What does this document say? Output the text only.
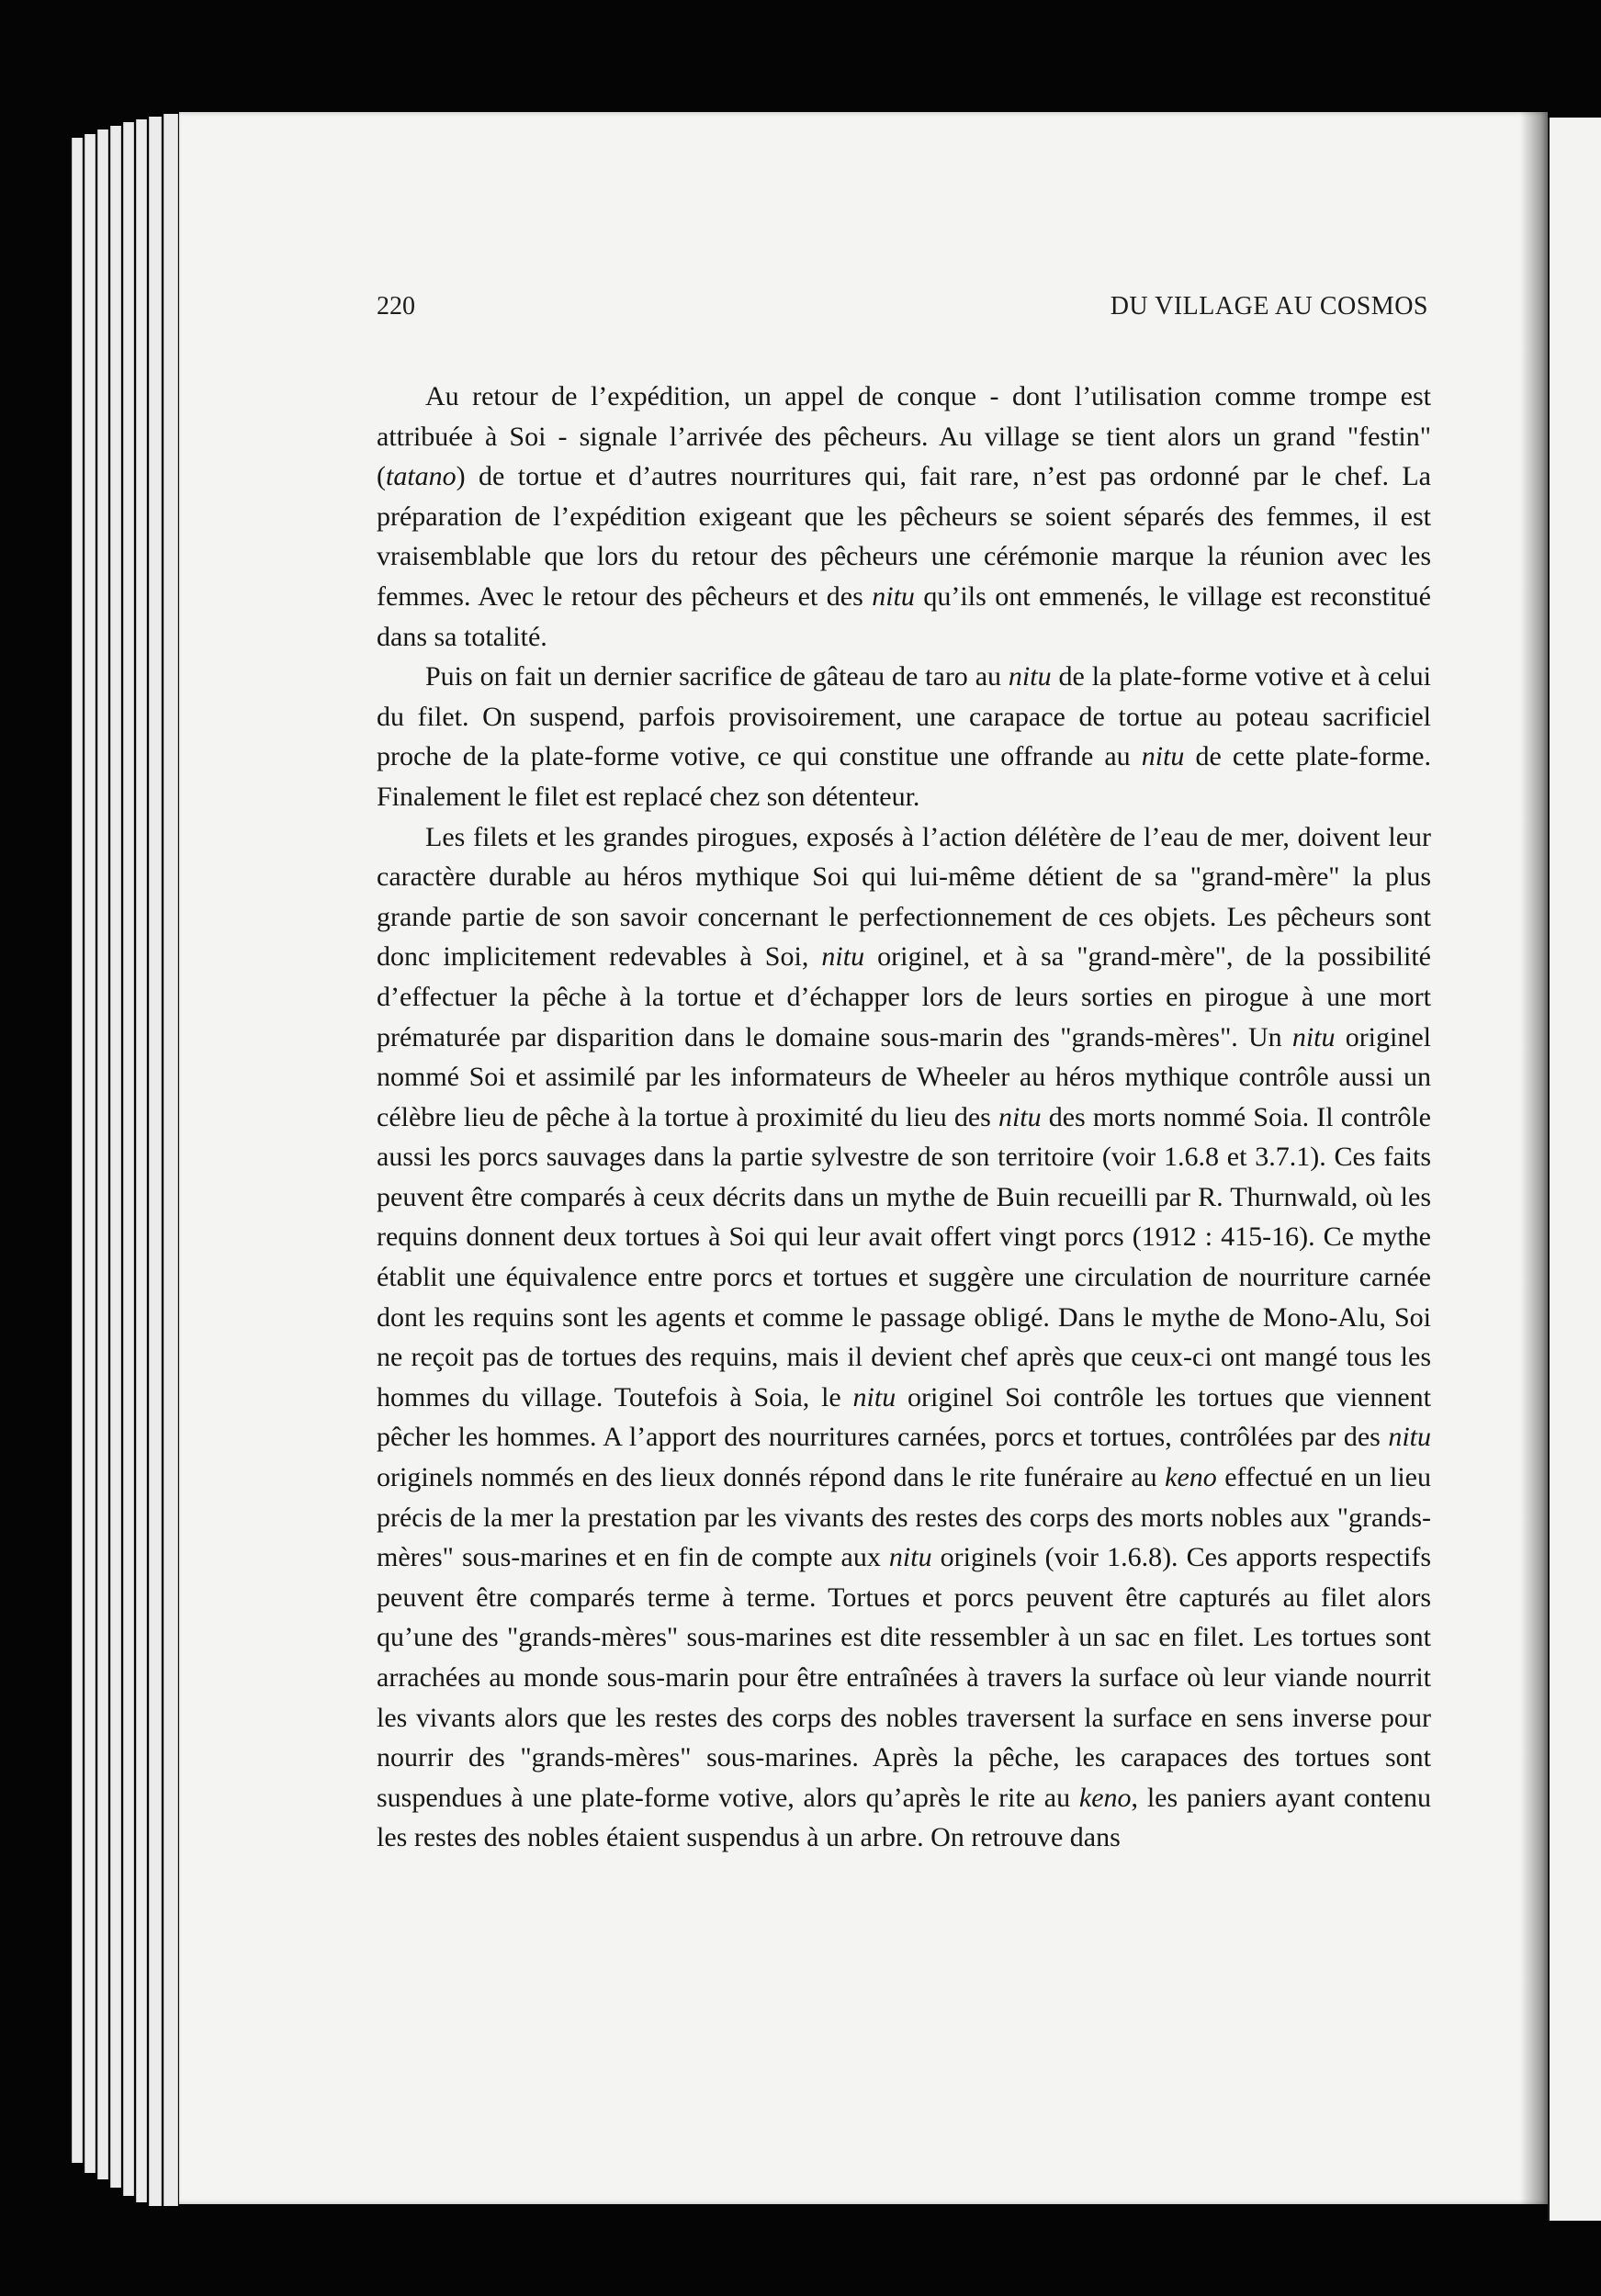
220	DU VILLAGE AU COSMOS

Au retour de l’expédition, un appel de conque - dont l’utilisation comme trompe est attribuée à Soi - signale l’arrivée des pêcheurs. Au village se tient alors un grand "festin" (tatano) de tortue et d’autres nourritures qui, fait rare, n’est pas ordonné par le chef. La préparation de l’expédition exigeant que les pêcheurs se soient séparés des femmes, il est vraisemblable que lors du retour des pêcheurs une cérémonie marque la réunion avec les femmes. Avec le retour des pêcheurs et des nitu qu’ils ont emmenés, le village est reconstitué dans sa totalité.

Puis on fait un dernier sacrifice de gâteau de taro au nitu de la plate-forme votive et à celui du filet. On suspend, parfois provisoirement, une carapace de tortue au poteau sacrificiel proche de la plate-forme votive, ce qui constitue une offrande au nitu de cette plate-forme. Finalement le filet est replacé chez son détenteur.

Les filets et les grandes pirogues, exposés à l’action délétère de l’eau de mer, doivent leur caractère durable au héros mythique Soi qui lui-même détient de sa "grand-mère" la plus grande partie de son savoir concernant le perfectionnement de ces objets. Les pêcheurs sont donc implicitement redevables à Soi, nitu originel, et à sa "grand-mère", de la possibilité d’effectuer la pêche à la tortue et d’échapper lors de leurs sorties en pirogue à une mort prématurée par disparition dans le domaine sous-marin des "grands-mères". Un nitu originel nommé Soi et assimilé par les informateurs de Wheeler au héros mythique contrôle aussi un célèbre lieu de pêche à la tortue à proximité du lieu des nitu des morts nommé Soia. Il contrôle aussi les porcs sauvages dans la partie sylvestre de son territoire (voir 1.6.8 et 3.7.1). Ces faits peuvent être comparés à ceux décrits dans un mythe de Buin recueilli par R. Thurnwald, où les requins donnent deux tortues à Soi qui leur avait offert vingt porcs (1912 : 415-16). Ce mythe établit une équivalence entre porcs et tortues et suggère une circulation de nourriture carnée dont les requins sont les agents et comme le passage obligé. Dans le mythe de Mono-Alu, Soi ne reçoit pas de tortues des requins, mais il devient chef après que ceux-ci ont mangé tous les hommes du village. Toutefois à Soia, le nitu originel Soi contrôle les tortues que viennent pêcher les hommes. A l’apport des nourritures carnées, porcs et tortues, contrôlées par des nitu originels nommés en des lieux donnés répond dans le rite funéraire au keno effectué en un lieu précis de la mer la prestation par les vivants des restes des corps des morts nobles aux "grands-mères" sous-marines et en fin de compte aux nitu originels (voir 1.6.8). Ces apports respectifs peuvent être comparés terme à terme. Tortues et porcs peuvent être capturés au filet alors qu’une des "grands-mères" sous-marines est dite ressembler à un sac en filet. Les tortues sont arrachées au monde sous-marin pour être entraînées à travers la surface où leur viande nourrit les vivants alors que les restes des corps des nobles traversent la surface en sens inverse pour nourrir des "grands-mères" sous-marines. Après la pêche, les carapaces des tortues sont suspendues à une plate-forme votive, alors qu’après le rite au keno, les paniers ayant contenu les restes des nobles étaient suspendus à un arbre. On retrouve dans
